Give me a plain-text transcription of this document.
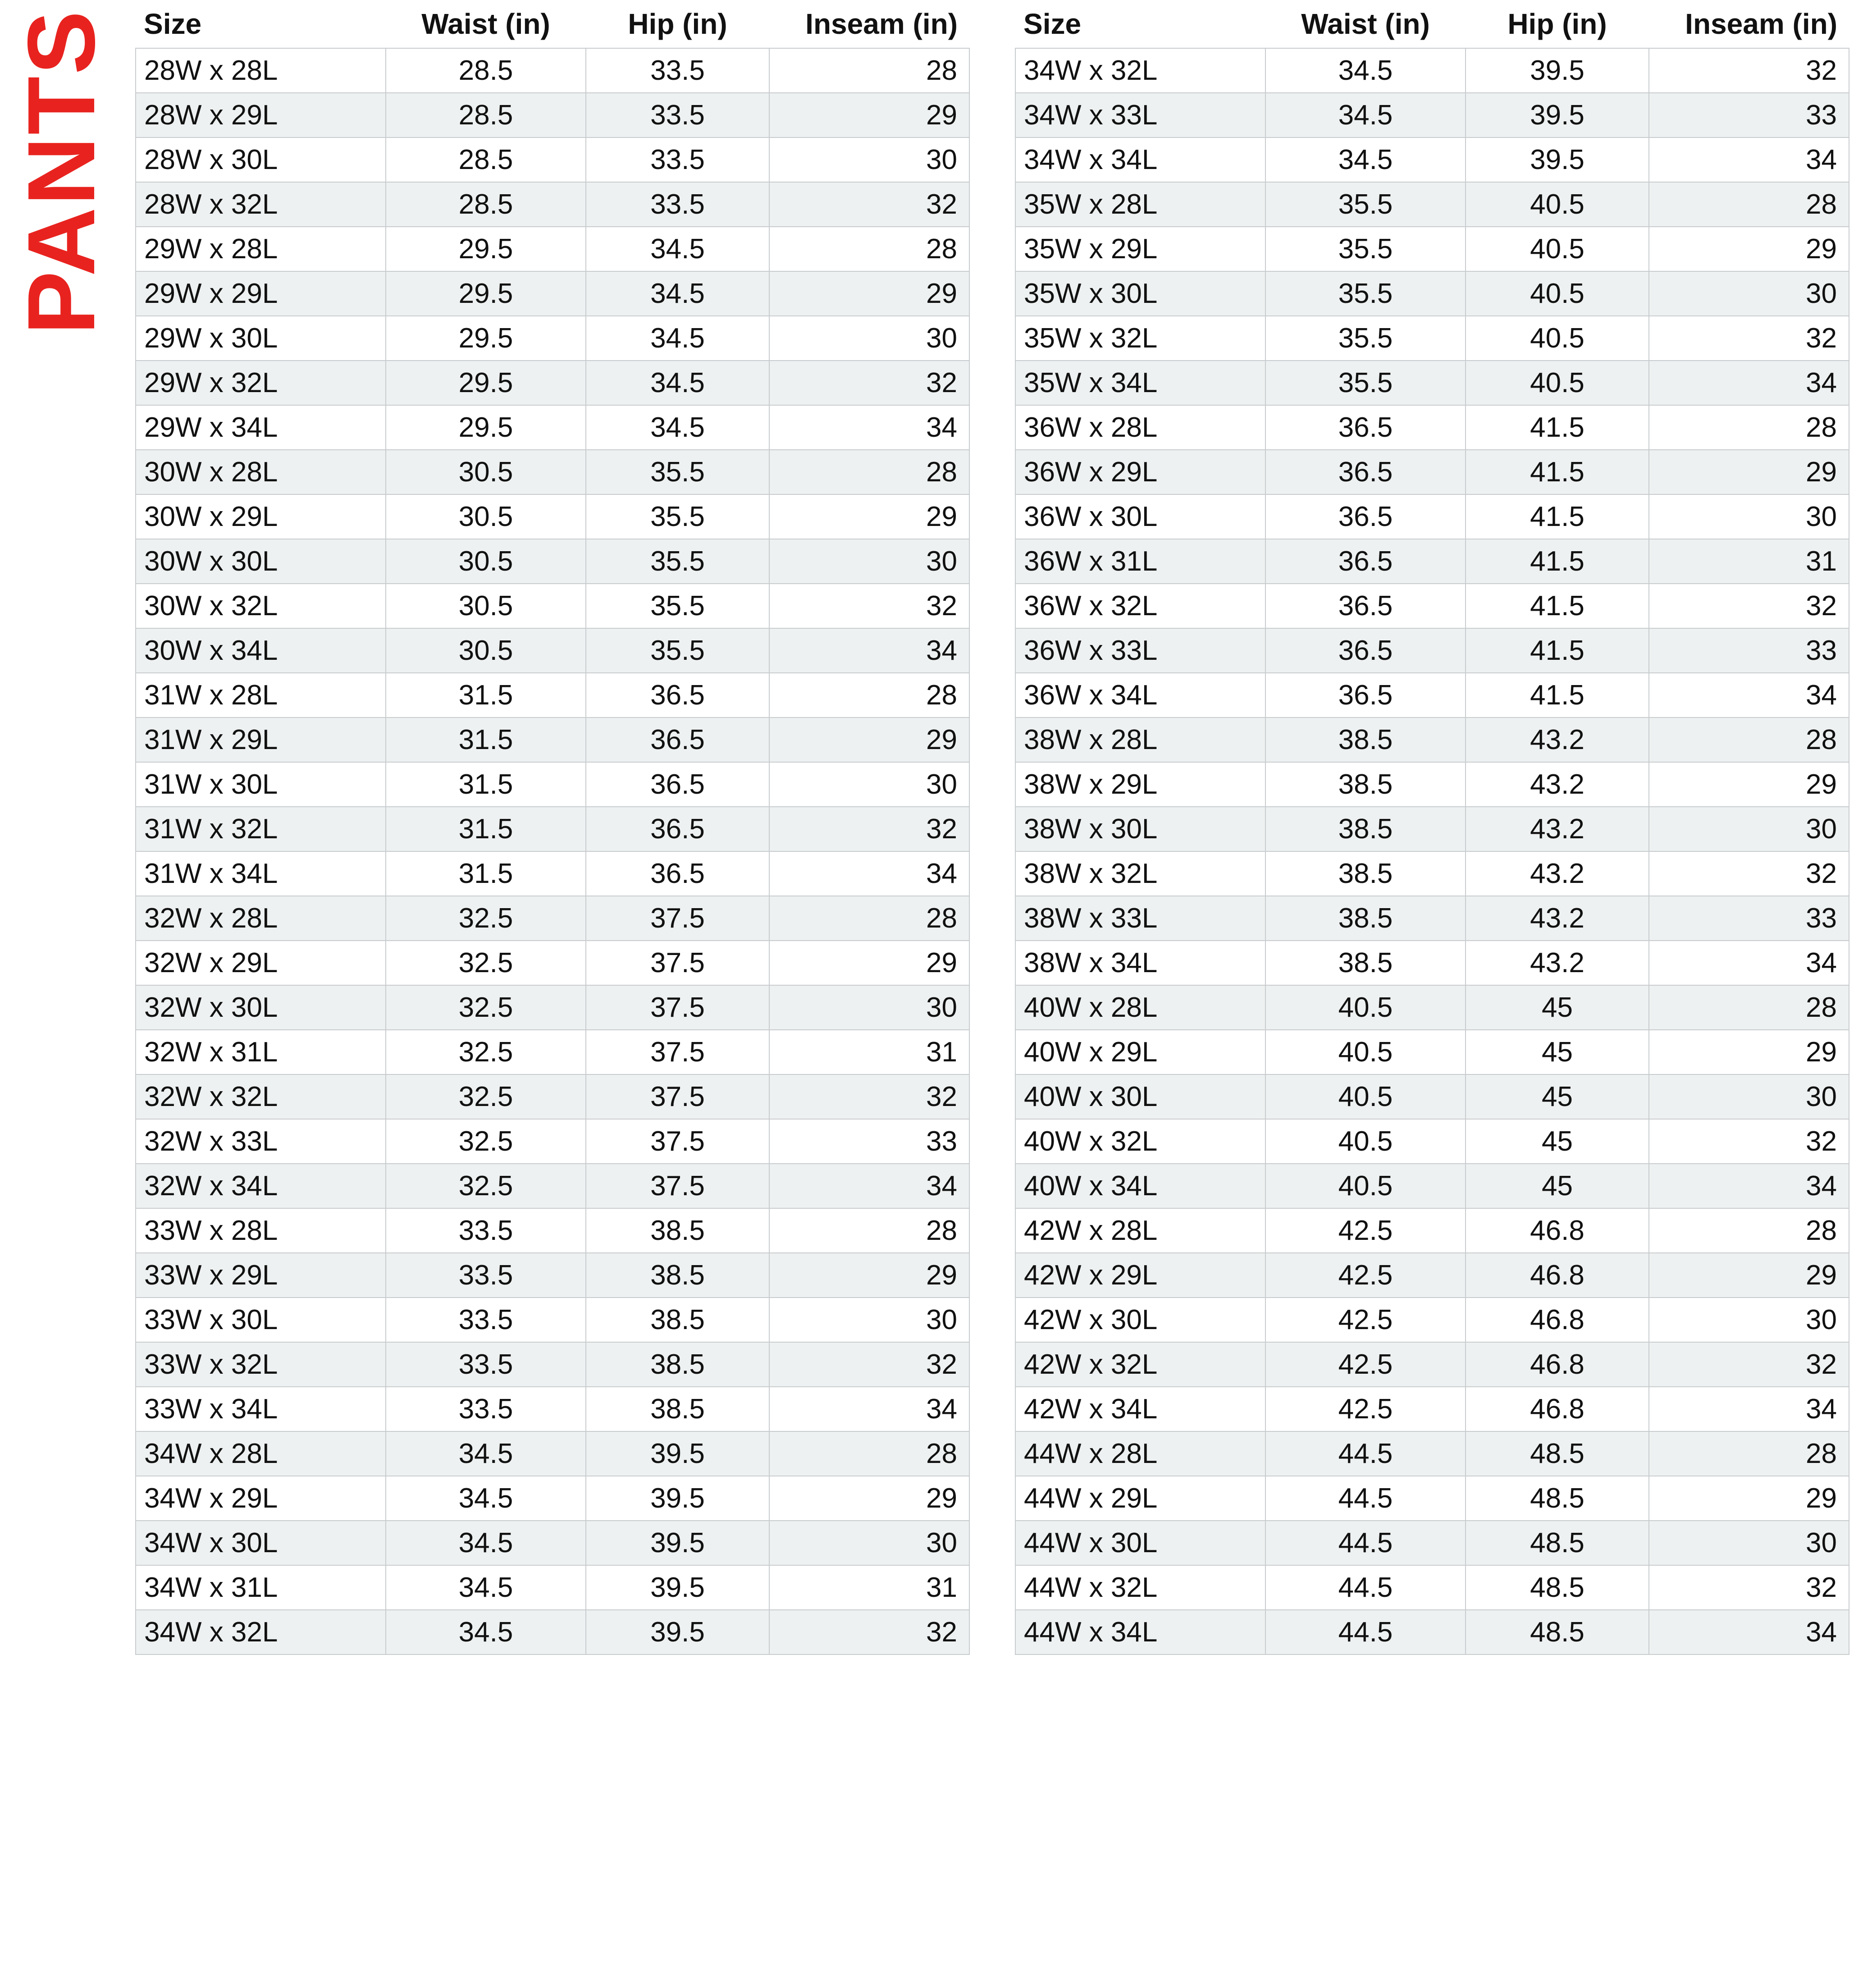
PANTS Size	Waist (in)	Hip (in)	Inseam (in)
28W x 28L	28.5	33.5	28
28W x 29L	28.5	33.5	29
28W x 30L	28.5	33.5	30
28W x 32L	28.5	33.5	32
29W x 28L	29.5	34.5	28
29W x 29L	29.5	34.5	29
29W x 30L	29.5	34.5	30
29W x 32L	29.5	34.5	32
29W x 34L	29.5	34.5	34
30W x 28L	30.5	35.5	28
30W x 29L	30.5	35.5	29
30W x 30L	30.5	35.5	30
30W x 32L	30.5	35.5	32
30W x 34L	30.5	35.5	34
31W x 28L	31.5	36.5	28
31W x 29L	31.5	36.5	29
31W x 30L	31.5	36.5	30
31W x 32L	31.5	36.5	32
31W x 34L	31.5	36.5	34
32W x 28L	32.5	37.5	28
32W x 29L	32.5	37.5	29
32W x 30L	32.5	37.5	30
32W x 31L	32.5	37.5	31
32W x 32L	32.5	37.5	32
32W x 33L	32.5	37.5	33
32W x 34L	32.5	37.5	34
33W x 28L	33.5	38.5	28
33W x 29L	33.5	38.5	29
33W x 30L	33.5	38.5	30
33W x 32L	33.5	38.5	32
33W x 34L	33.5	38.5	34
34W x 28L	34.5	39.5	28
34W x 29L	34.5	39.5	29
34W x 30L	34.5	39.5	30
34W x 31L	34.5	39.5	31
34W x 32L	34.5	39.5	32
Size	Waist (in)	Hip (in)	Inseam (in)
34W x 32L	34.5	39.5	32
34W x 33L	34.5	39.5	33
34W x 34L	34.5	39.5	34
35W x 28L	35.5	40.5	28
35W x 29L	35.5	40.5	29
35W x 30L	35.5	40.5	30
35W x 32L	35.5	40.5	32
35W x 34L	35.5	40.5	34
36W x 28L	36.5	41.5	28
36W x 29L	36.5	41.5	29
36W x 30L	36.5	41.5	30
36W x 31L	36.5	41.5	31
36W x 32L	36.5	41.5	32
36W x 33L	36.5	41.5	33
36W x 34L	36.5	41.5	34
38W x 28L	38.5	43.2	28
38W x 29L	38.5	43.2	29
38W x 30L	38.5	43.2	30
38W x 32L	38.5	43.2	32
38W x 33L	38.5	43.2	33
38W x 34L	38.5	43.2	34
40W x 28L	40.5	45	28
40W x 29L	40.5	45	29
40W x 30L	40.5	45	30
40W x 32L	40.5	45	32
40W x 34L	40.5	45	34
42W x 28L	42.5	46.8	28
42W x 29L	42.5	46.8	29
42W x 30L	42.5	46.8	30
42W x 32L	42.5	46.8	32
42W x 34L	42.5	46.8	34
44W x 28L	44.5	48.5	28
44W x 29L	44.5	48.5	29
44W x 30L	44.5	48.5	30
44W x 32L	44.5	48.5	32
44W x 34L	44.5	48.5	34
